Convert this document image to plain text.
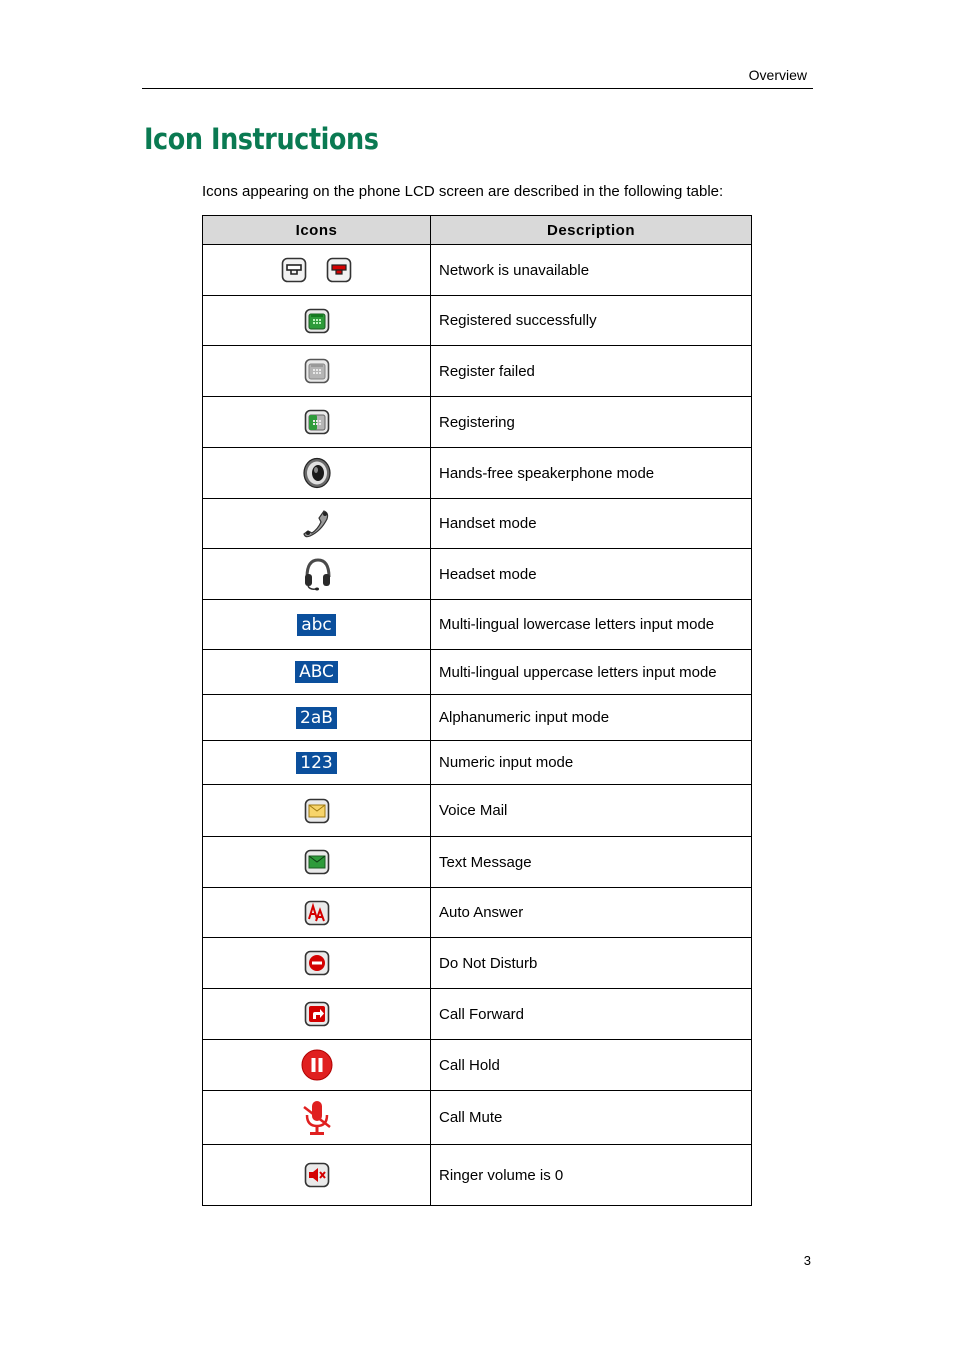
Overview
Icon Instructions
Icons appearing on the phone LCD screen are described in the following table:
Icons	Description
	Network is unavailable
	Registered successfully
	Register failed
	Registering
	Hands-free speakerphone mode
	Handset mode
	Headset mode
abc	Multi-lingual lowercase letters input mode
ABC	Multi-lingual uppercase letters input mode
2aB	Alphanumeric input mode
123	Numeric input mode
	Voice Mail
	Text Message
	Auto Answer
	Do Not Disturb
	Call Forward
	Call Hold
	Call Mute
	Ringer volume is 0
3
